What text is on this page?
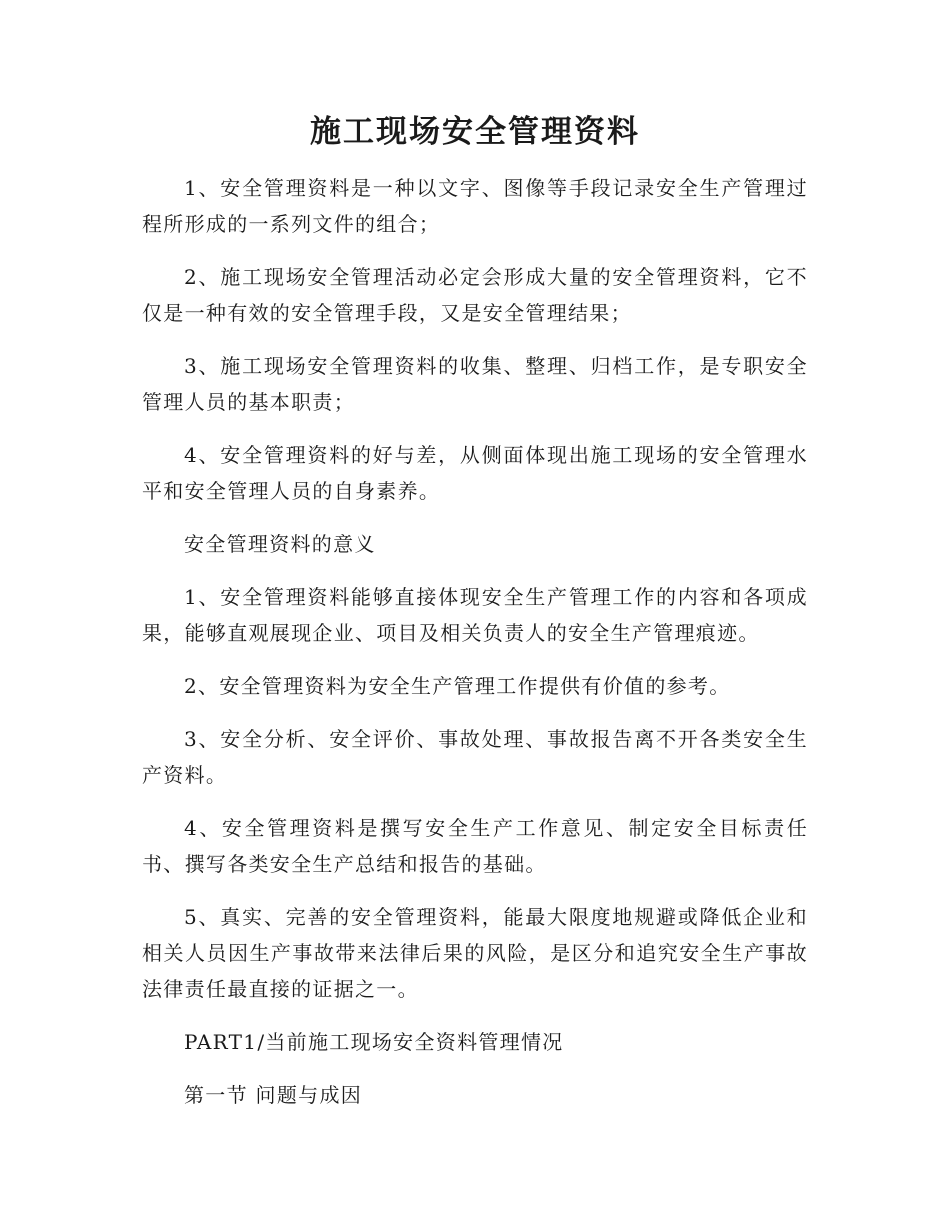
施工现场安全管理资料

1、安全管理资料是一种以文字、图像等手段记录安全生产管理过程所形成的一系列文件的组合；

2、施工现场安全管理活动必定会形成大量的安全管理资料，它不仅是一种有效的安全管理手段，又是安全管理结果；

3、施工现场安全管理资料的收集、整理、归档工作，是专职安全管理人员的基本职责；

4、安全管理资料的好与差，从侧面体现出施工现场的安全管理水平和安全管理人员的自身素养。

安全管理资料的意义

1、安全管理资料能够直接体现安全生产管理工作的内容和各项成果，能够直观展现企业、项目及相关负责人的安全生产管理痕迹。

2、安全管理资料为安全生产管理工作提供有价值的参考。

3、安全分析、安全评价、事故处理、事故报告离不开各类安全生产资料。

4、安全管理资料是撰写安全生产工作意见、制定安全目标责任书、撰写各类安全生产总结和报告的基础。

5、真实、完善的安全管理资料，能最大限度地规避或降低企业和相关人员因生产事故带来法律后果的风险，是区分和追究安全生产事故法律责任最直接的证据之一。

PART1/当前施工现场安全资料管理情况

第一节 问题与成因
